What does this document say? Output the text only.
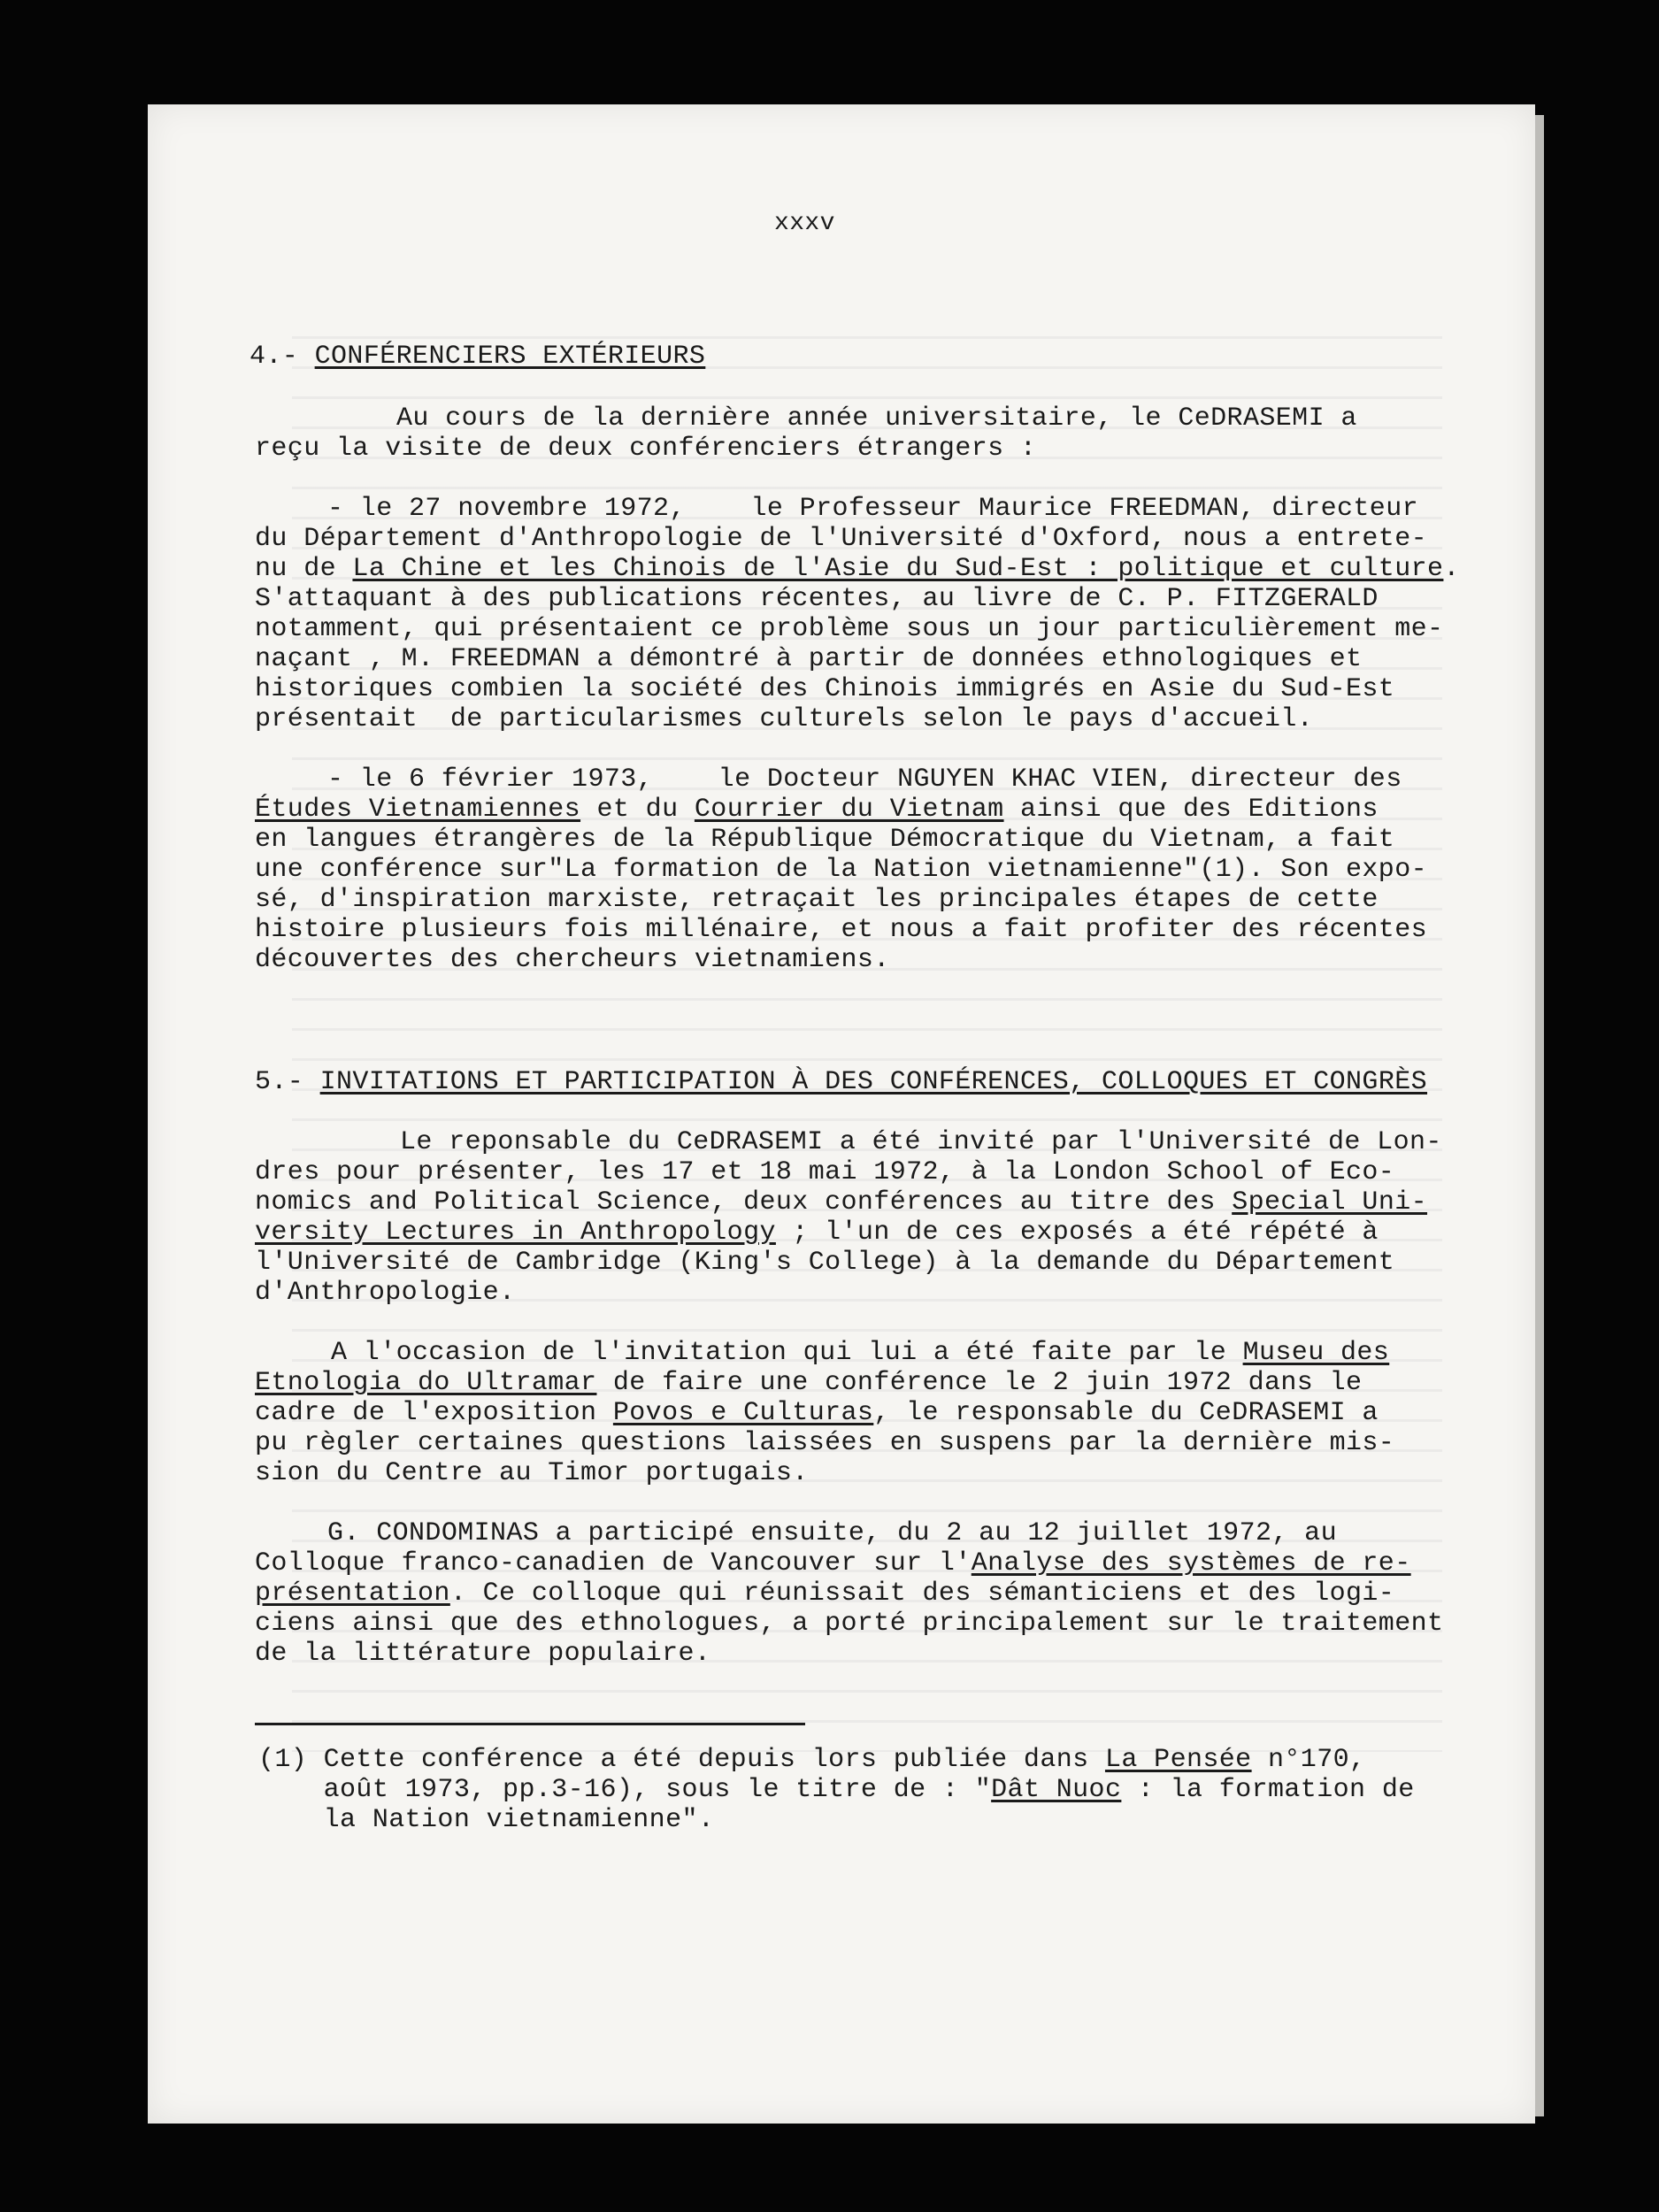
xxxv
4.- CONFÉRENCIERS EXTÉRIEURS
Au cours de la dernière année universitaire, le CeDRASEMI a
reçu la visite de deux conférenciers étrangers :
- le 27 novembre 1972,    le Professeur Maurice FREEDMAN, directeur
du Département d'Anthropologie de l'Université d'Oxford, nous a entrete-
nu de La Chine et les Chinois de l'Asie du Sud-Est : politique et culture.
S'attaquant à des publications récentes, au livre de C. P. FITZGERALD
notamment, qui présentaient ce problème sous un jour particulièrement me-
naçant , M. FREEDMAN a démontré à partir de données ethnologiques et
historiques combien la société des Chinois immigrés en Asie du Sud-Est
présentait  de particularismes culturels selon le pays d'accueil.
- le 6 février 1973,    le Docteur NGUYEN KHAC VIEN, directeur des
Études Vietnamiennes et du Courrier du Vietnam ainsi que des Editions
en langues étrangères de la République Démocratique du Vietnam, a fait
une conférence sur"La formation de la Nation vietnamienne"(1). Son expo-
sé, d'inspiration marxiste, retraçait les principales étapes de cette
histoire plusieurs fois millénaire, et nous a fait profiter des récentes
découvertes des chercheurs vietnamiens.
5.- INVITATIONS ET PARTICIPATION À DES CONFÉRENCES, COLLOQUES ET CONGRÈS
Le reponsable du CeDRASEMI a été invité par l'Université de Lon-
dres pour présenter, les 17 et 18 mai 1972, à la London School of Eco-
nomics and Political Science, deux conférences au titre des Special Uni-
versity Lectures in Anthropology ; l'un de ces exposés a été répété à
l'Université de Cambridge (King's College) à la demande du Département
d'Anthropologie.
A l'occasion de l'invitation qui lui a été faite par le Museu des
Etnologia do Ultramar de faire une conférence le 2 juin 1972 dans le
cadre de l'exposition Povos e Culturas, le responsable du CeDRASEMI a
pu règler certaines questions laissées en suspens par la dernière mis-
sion du Centre au Timor portugais.
G. CONDOMINAS a participé ensuite, du 2 au 12 juillet 1972, au
Colloque franco-canadien de Vancouver sur l'Analyse des systèmes de re-
présentation. Ce colloque qui réunissait des sémanticiens et des logi-
ciens ainsi que des ethnologues, a porté principalement sur le traitement
de la littérature populaire.
(1) Cette conférence a été depuis lors publiée dans La Pensée n°170,
août 1973, pp.3-16), sous le titre de : "Dât Nuoc : la formation de
la Nation vietnamienne".
